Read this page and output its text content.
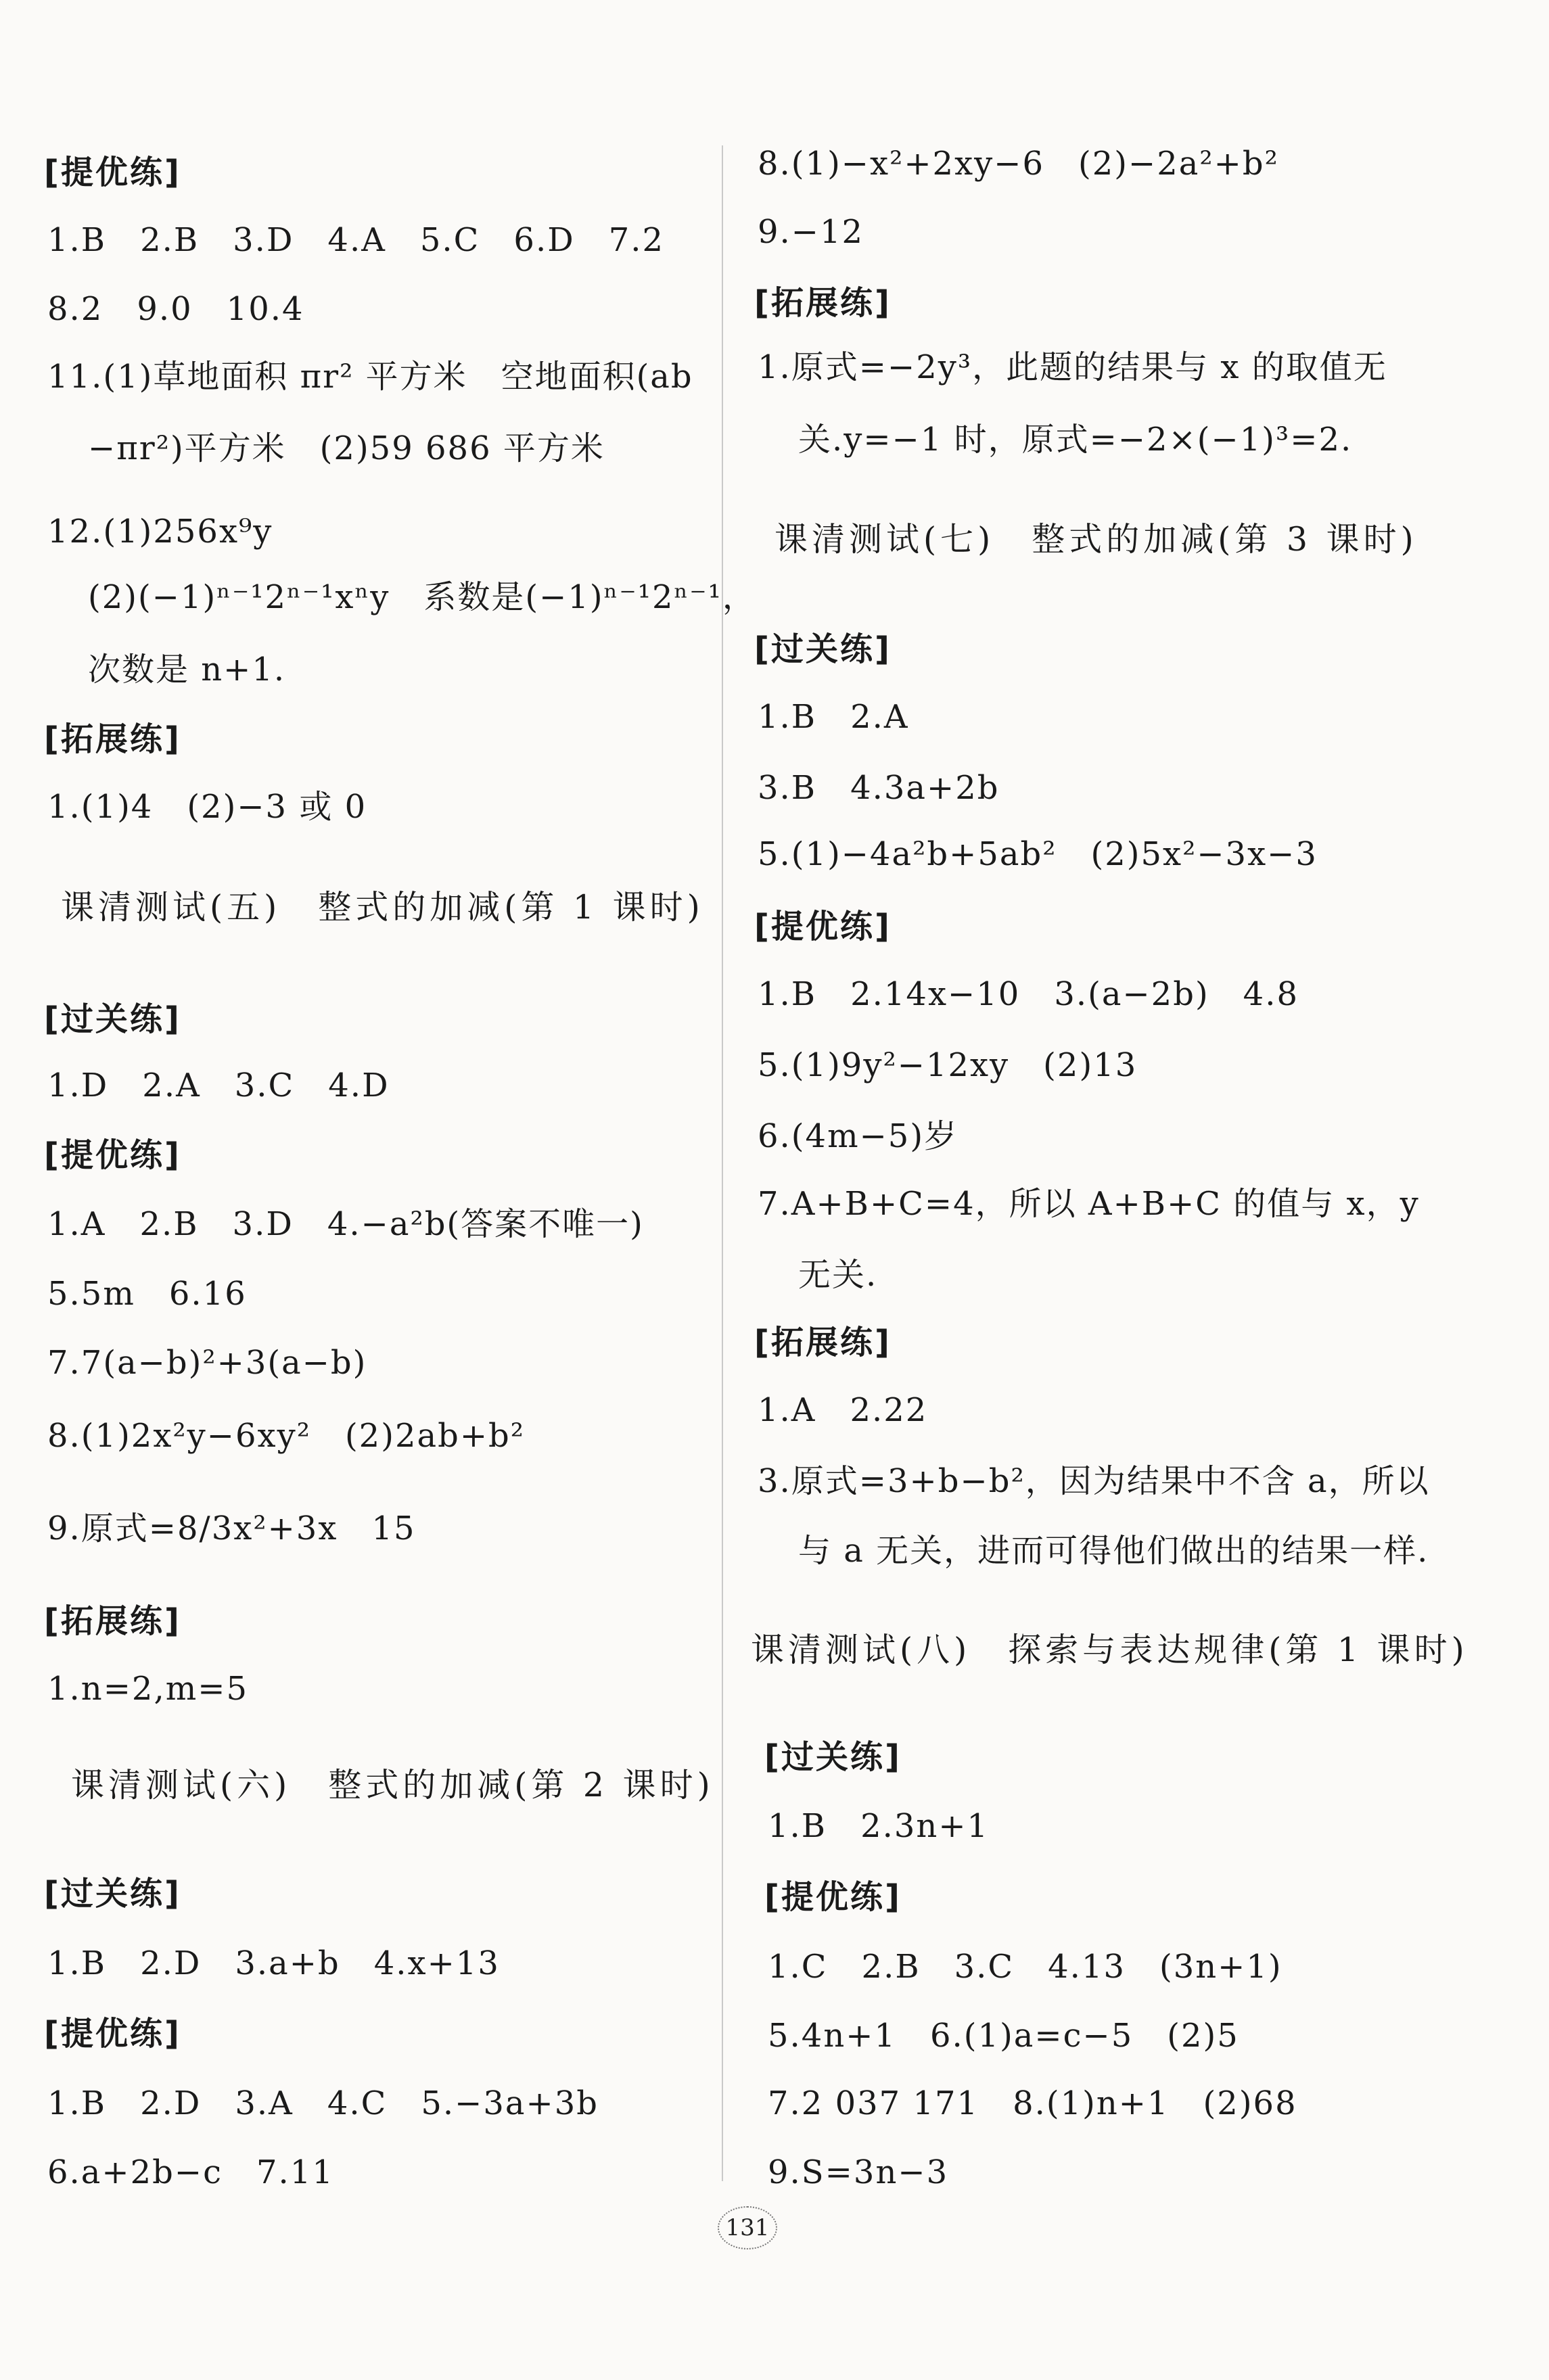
[提优练]
1.B　2.B　3.D　4.A　5.C　6.D　7.2
8.2　9.0　10.4
11.(1)草地面积 πr² 平方米　空地面积(ab
−πr²)平方米　(2)59 686 平方米
12.(1)256x⁹y
(2)(−1)ⁿ⁻¹2ⁿ⁻¹xⁿy　系数是(−1)ⁿ⁻¹2ⁿ⁻¹，
次数是 n+1.
[拓展练]
1.(1)4　(2)−3 或 0
课清测试(五)　整式的加减(第 1 课时)
[过关练]
1.D　2.A　3.C　4.D
[提优练]
1.A　2.B　3.D　4.−a²b(答案不唯一)
5.5m　6.16
7.7(a−b)²+3(a−b)
8.(1)2x²y−6xy²　(2)2ab+b²
9.原式=8/3x²+3x　15
[拓展练]
1.n=2,m=5
课清测试(六)　整式的加减(第 2 课时)
[过关练]
1.B　2.D　3.a+b　4.x+13
[提优练]
1.B　2.D　3.A　4.C　5.−3a+3b
6.a+2b−c　7.11
8.(1)−x²+2xy−6　(2)−2a²+b²
9.−12
[拓展练]
1.原式=−2y³，此题的结果与 x 的取值无
关.y=−1 时，原式=−2×(−1)³=2.
课清测试(七)　整式的加减(第 3 课时)
[过关练]
1.B　2.A
3.B　4.3a+2b
5.(1)−4a²b+5ab²　(2)5x²−3x−3
[提优练]
1.B　2.14x−10　3.(a−2b)　4.8
5.(1)9y²−12xy　(2)13
6.(4m−5)岁
7.A+B+C=4，所以 A+B+C 的值与 x，y
无关.
[拓展练]
1.A　2.22
3.原式=3+b−b²，因为结果中不含 a，所以
与 a 无关，进而可得他们做出的结果一样.
课清测试(八)　探索与表达规律(第 1 课时)
[过关练]
1.B　2.3n+1
[提优练]
1.C　2.B　3.C　4.13　(3n+1)
5.4n+1　6.(1)a=c−5　(2)5
7.2 037 171　8.(1)n+1　(2)68
9.S=3n−3
131
